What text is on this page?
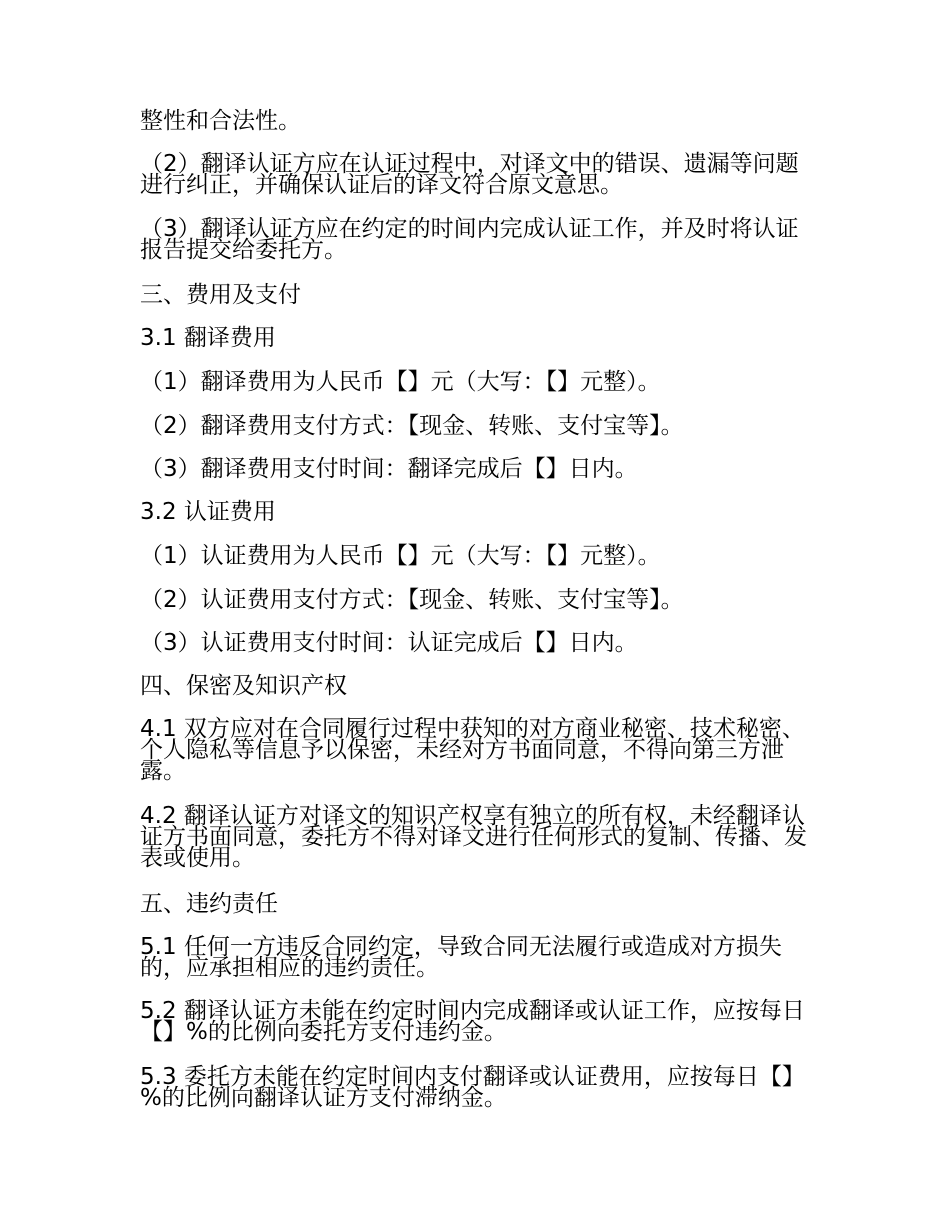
整性和合法性。

（2）翻译认证方应在认证过程中，对译文中的错误、遗漏等问题进行纠正，并确保认证后的译文符合原文意思。

（3）翻译认证方应在约定的时间内完成认证工作，并及时将认证报告提交给委托方。

三、费用及支付

3.1 翻译费用

（1）翻译费用为人民币【】元（大写：【】元整）。

（2）翻译费用支付方式：【现金、转账、支付宝等】。

（3）翻译费用支付时间：翻译完成后【】日内。

3.2 认证费用

（1）认证费用为人民币【】元（大写：【】元整）。

（2）认证费用支付方式：【现金、转账、支付宝等】。

（3）认证费用支付时间：认证完成后【】日内。

四、保密及知识产权

4.1 双方应对在合同履行过程中获知的对方商业秘密、技术秘密、个人隐私等信息予以保密，未经对方书面同意，不得向第三方泄露。

4.2 翻译认证方对译文的知识产权享有独立的所有权，未经翻译认证方书面同意，委托方不得对译文进行任何形式的复制、传播、发表或使用。

五、违约责任

5.1 任何一方违反合同约定，导致合同无法履行或造成对方损失的，应承担相应的违约责任。

5.2 翻译认证方未能在约定时间内完成翻译或认证工作，应按每日【】%的比例向委托方支付违约金。

5.3 委托方未能在约定时间内支付翻译或认证费用，应按每日【】%的比例向翻译认证方支付滞纳金。
